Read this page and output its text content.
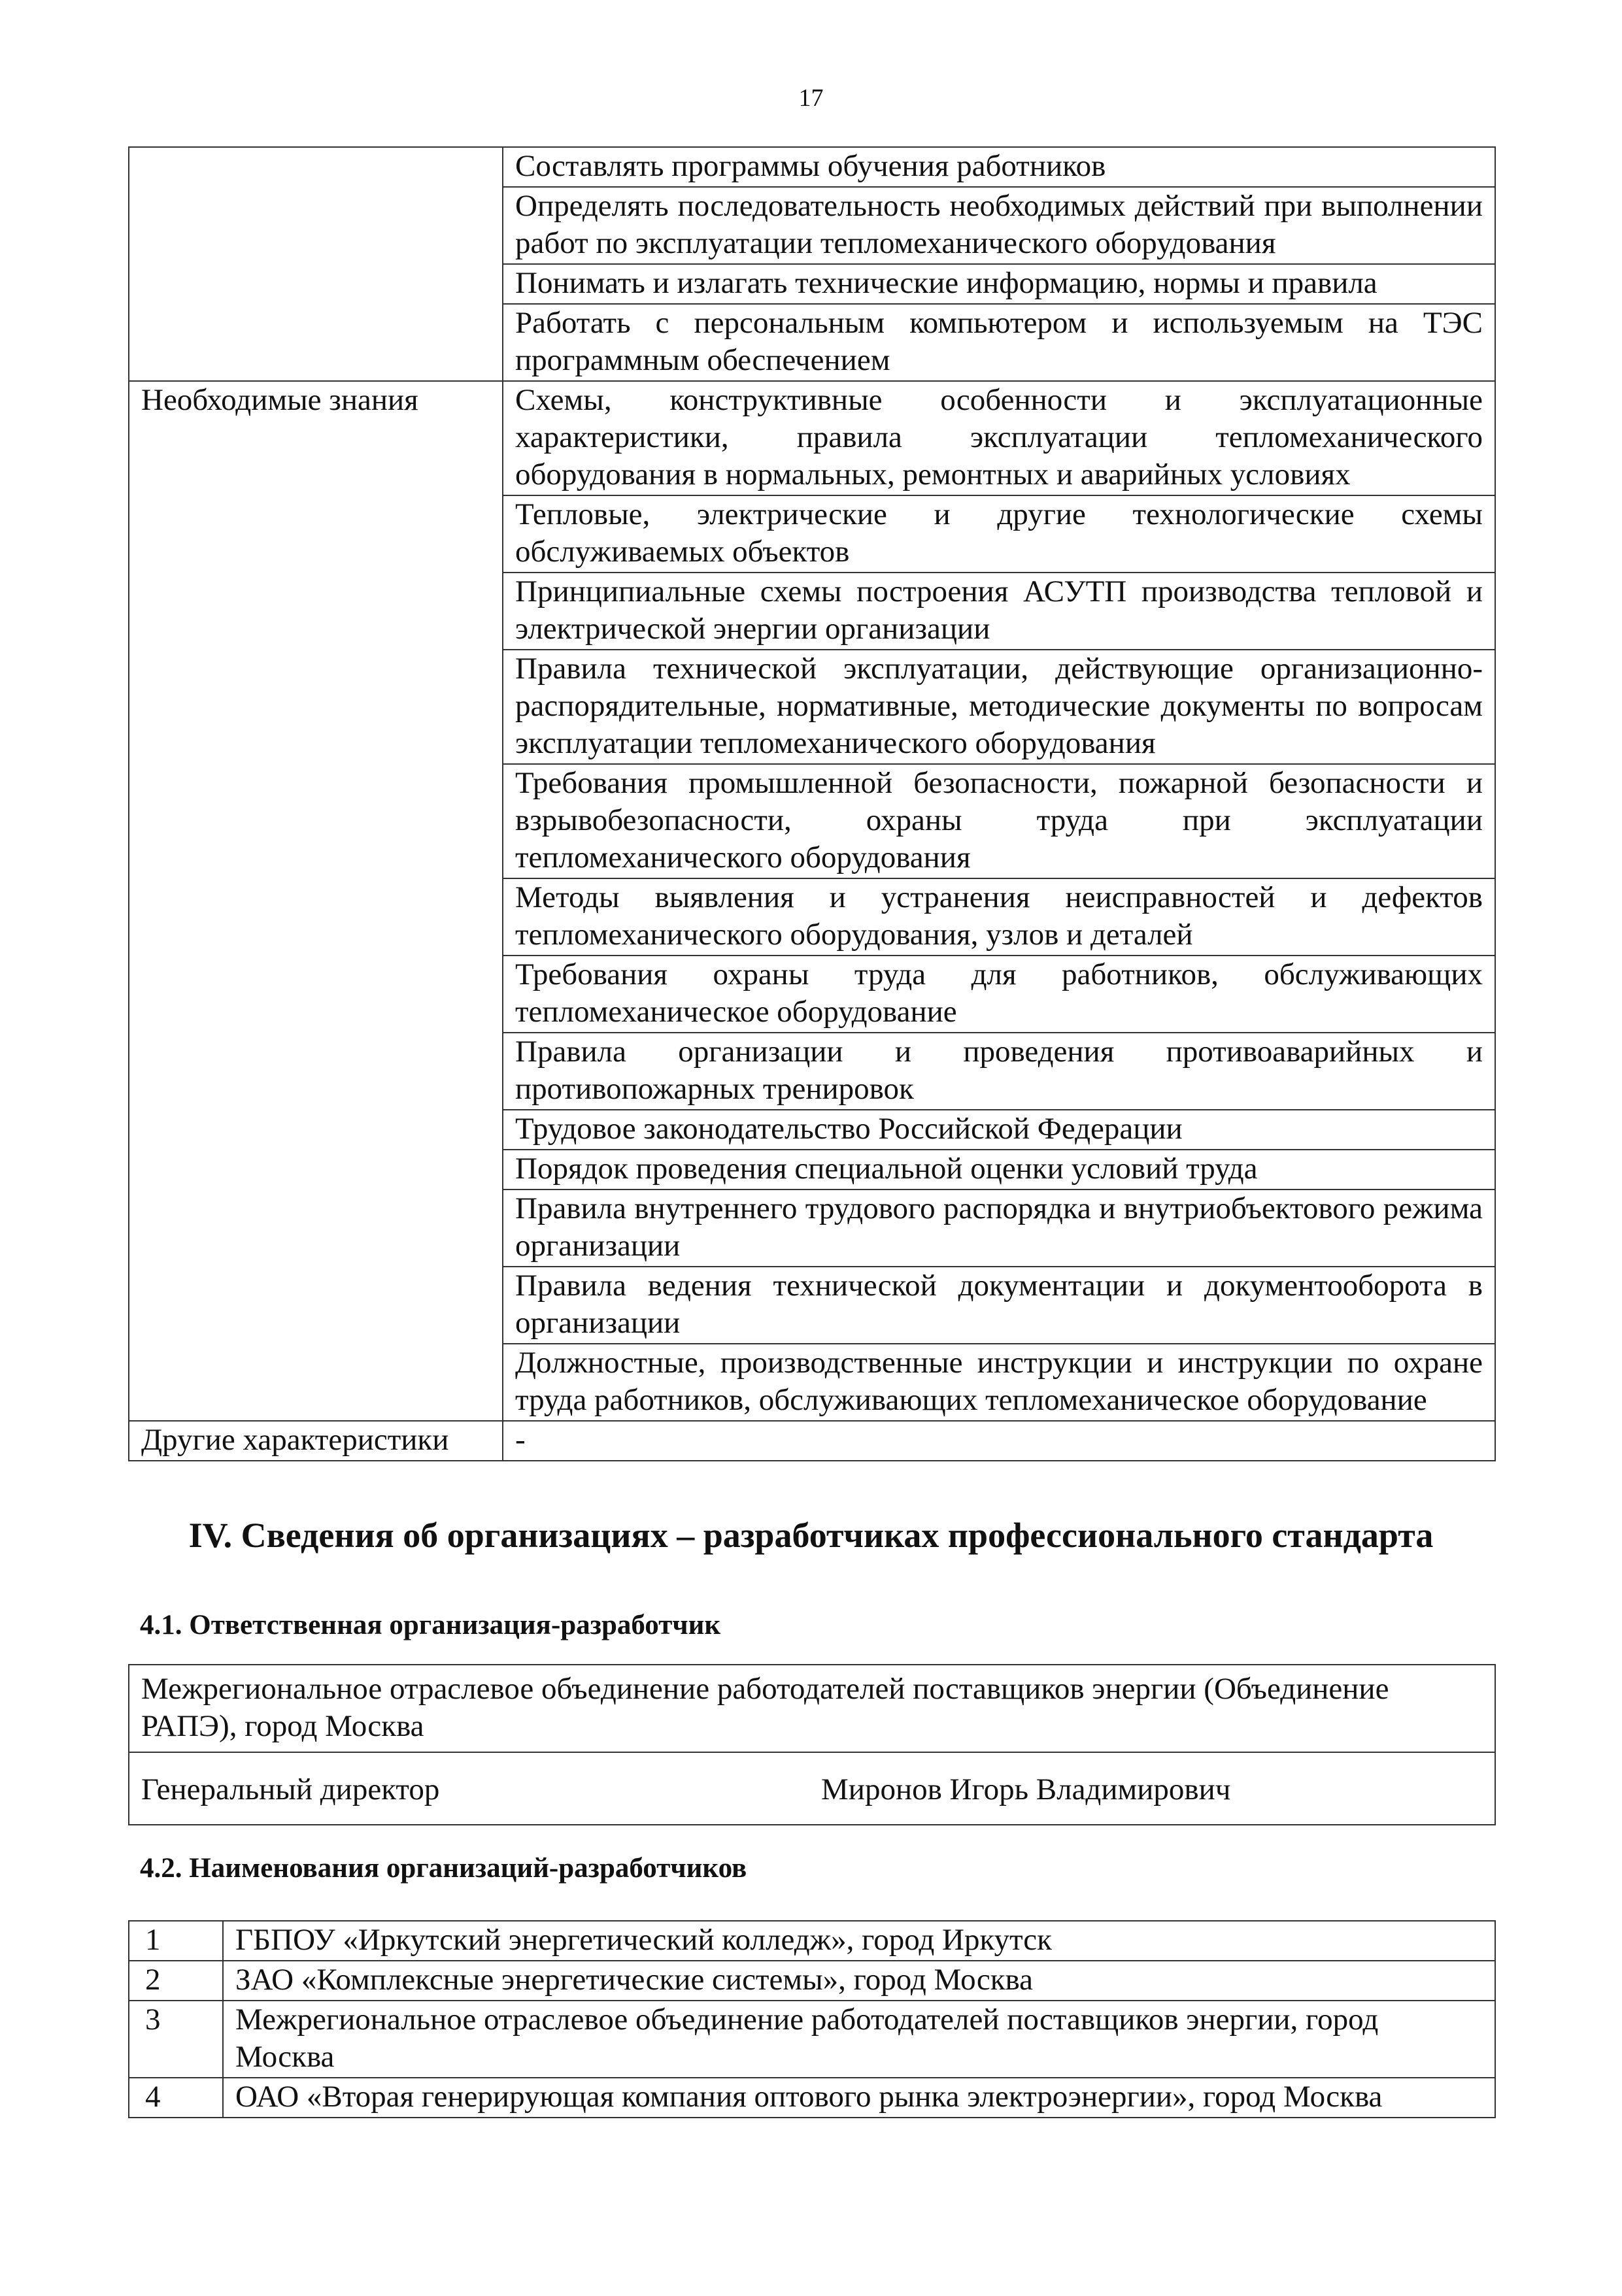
17
	Составлять программы обучения работников
	Определять последовательность необходимых действий при выполнении работ по эксплуатации тепломеханического оборудования
	Понимать и излагать технические информацию, нормы и правила
	Работать с персональным компьютером и используемым на ТЭС программным обеспечением
Необходимые знания	Схемы, конструктивные особенности и эксплуатационные характеристики, правила эксплуатации тепломеханического оборудования в нормальных, ремонтных и аварийных условиях
	Тепловые, электрические и другие технологические схемы обслуживаемых объектов
	Принципиальные схемы построения АСУТП производства тепловой и электрической энергии организации
	Правила технической эксплуатации, действующие организационно-распорядительные, нормативные, методические документы по вопросам эксплуатации тепломеханического оборудования
	Требования промышленной безопасности, пожарной безопасности и взрывобезопасности, охраны труда при эксплуатации тепломеханического оборудования
	Методы выявления и устранения неисправностей и дефектов тепломеханического оборудования, узлов и деталей
	Требования охраны труда для работников, обслуживающих тепломеханическое оборудование
	Правила организации и проведения противоаварийных и противопожарных тренировок
	Трудовое законодательство Российской Федерации
	Порядок проведения специальной оценки условий труда
	Правила внутреннего трудового распорядка и внутриобъектового режима организации
	Правила ведения технической документации и документооборота в организации
	Должностные, производственные инструкции и инструкции по охране труда работников, обслуживающих тепломеханическое оборудование
Другие характеристики	-
IV. Сведения об организациях – разработчиках профессионального стандарта
4.1. Ответственная организация-разработчик
Межрегиональное отраслевое объединение работодателей поставщиков энергии (Объединение РАПЭ), город Москва

Генеральный директор	Миронов Игорь Владимирович
4.2. Наименования организаций-разработчиков
1	ГБПОУ «Иркутский энергетический колледж», город Иркутск
2	ЗАО «Комплексные энергетические системы», город Москва
3	Межрегиональное отраслевое объединение работодателей поставщиков энергии, город Москва
4	ОАО «Вторая генерирующая компания оптового рынка электроэнергии», город Москва
